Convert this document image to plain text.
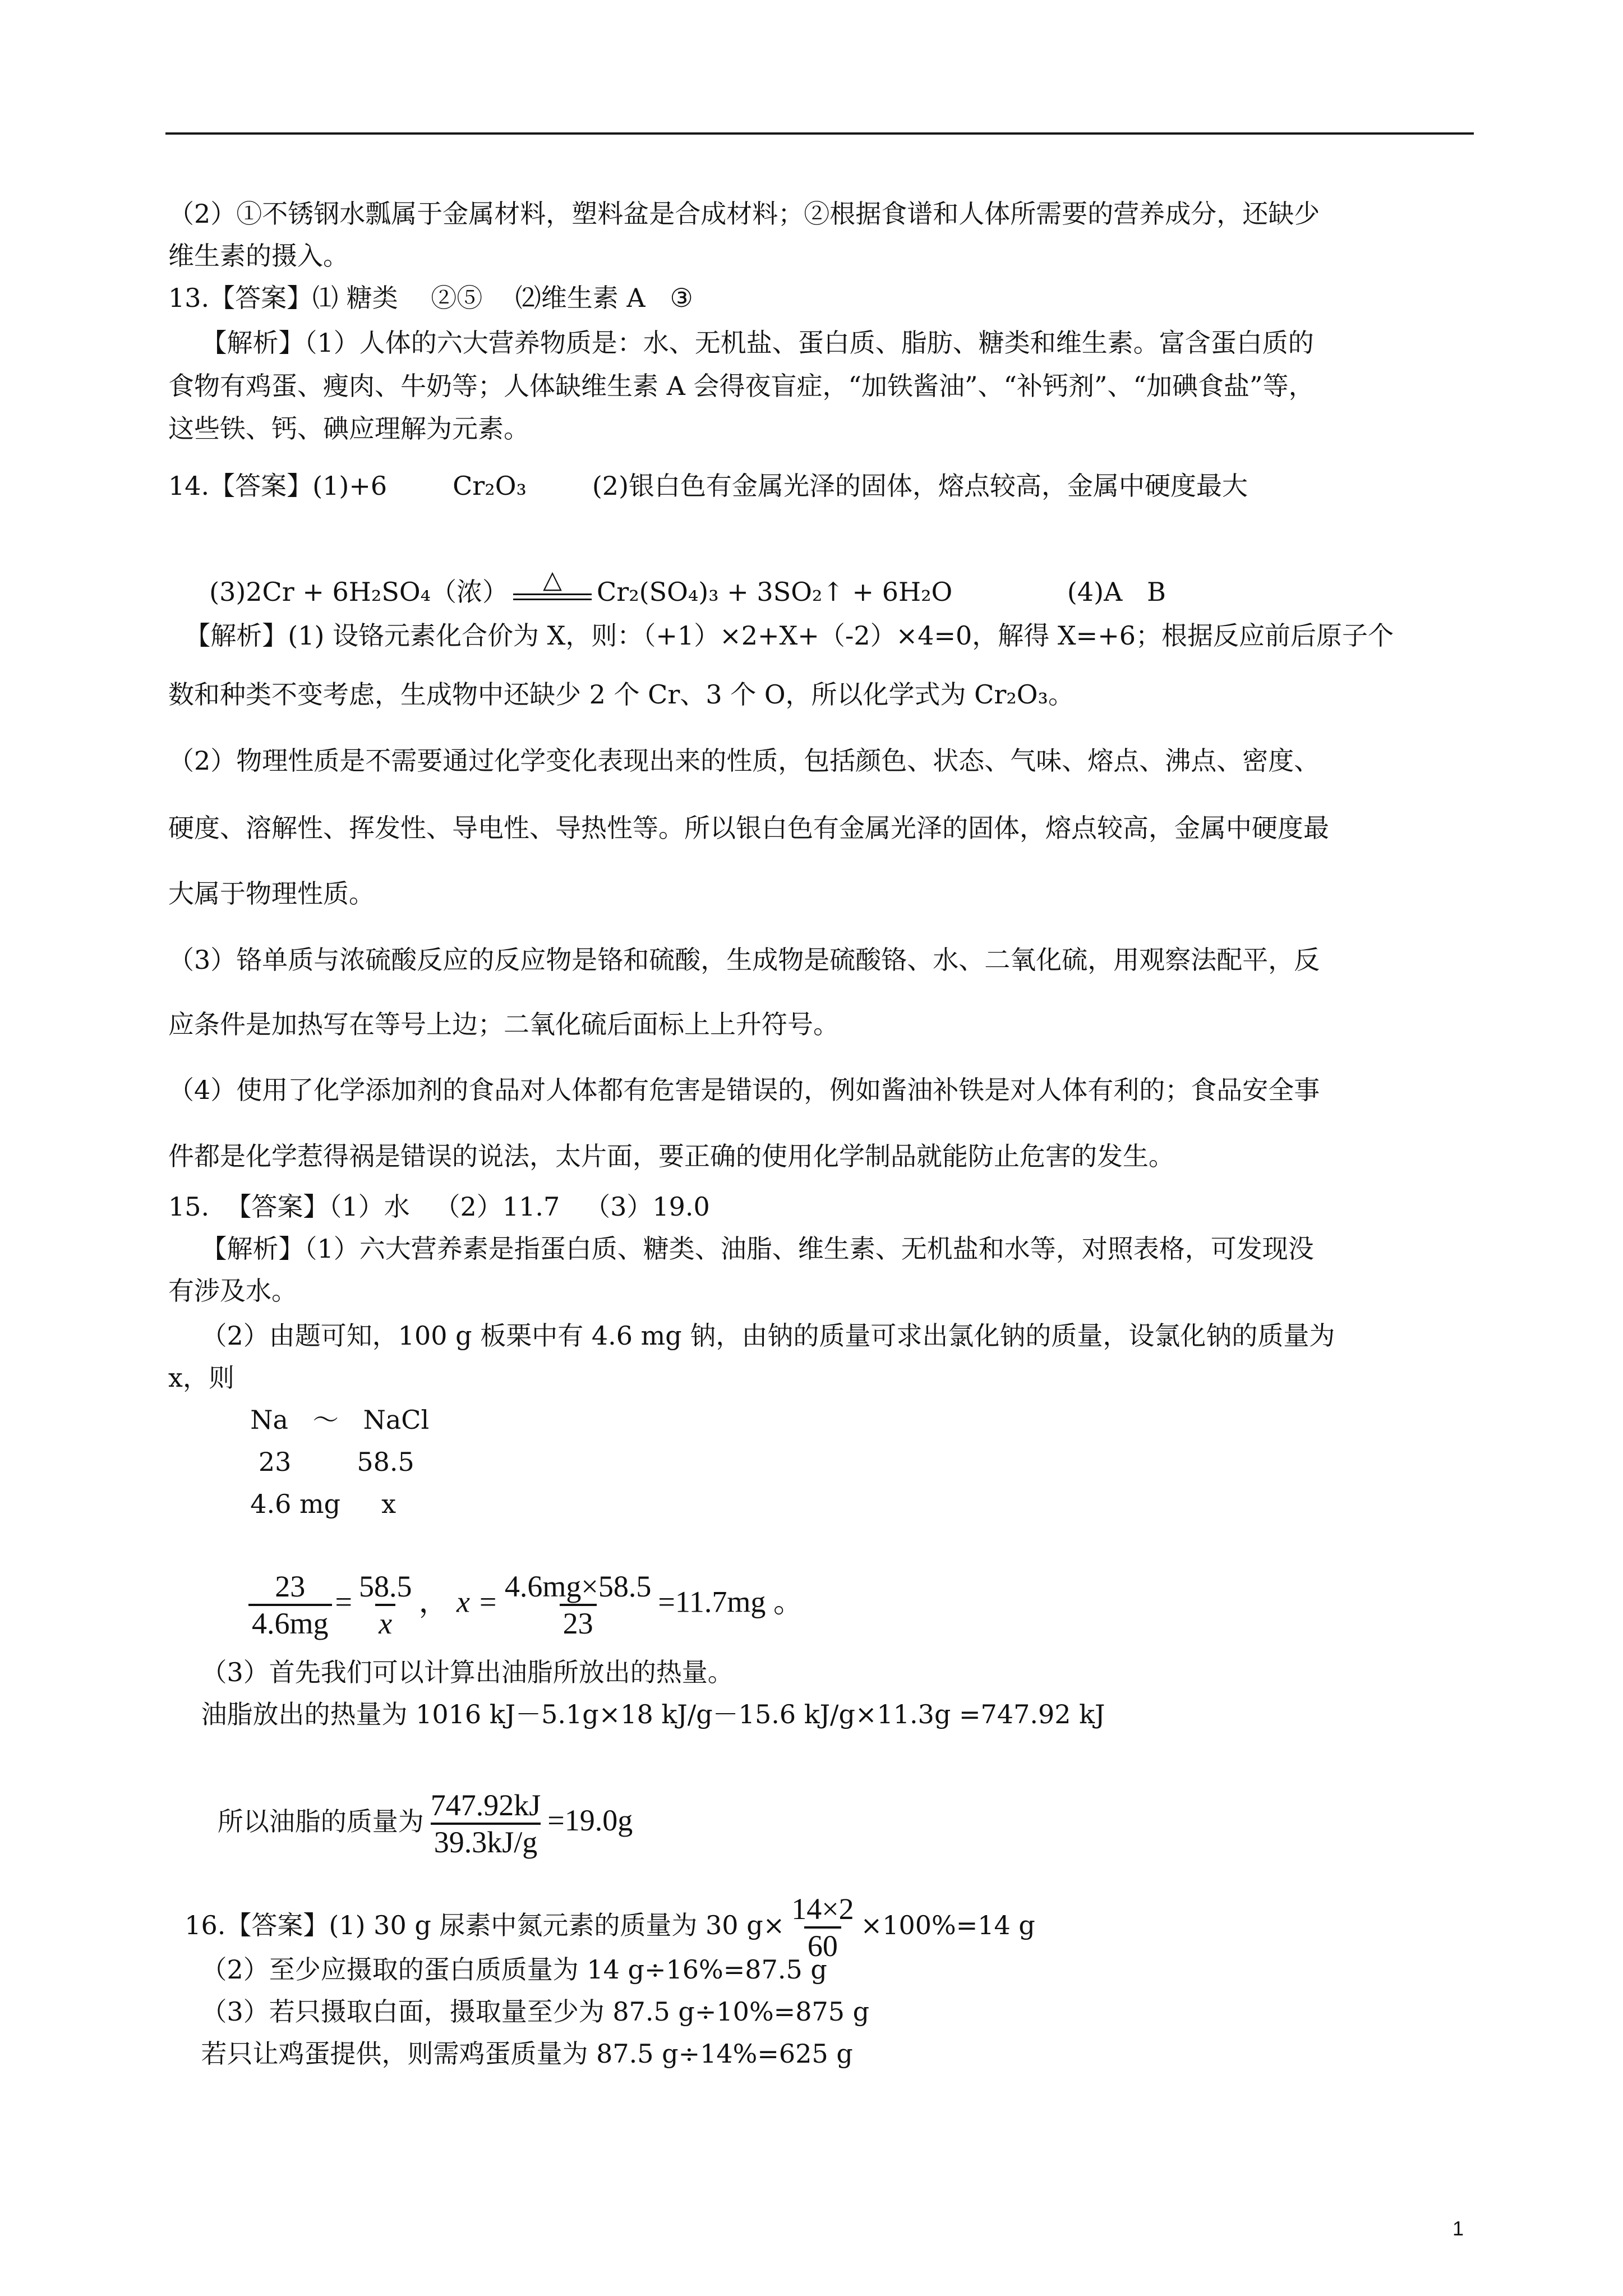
（2）①不锈钢水瓢属于金属材料，塑料盆是合成材料；②根据食谱和人体所需要的营养成分，还缺少
维生素的摄入。
13.【答案】⑴ 糖类    ②⑤    ⑵维生素 A   ③
【解析】（1）人体的六大营养物质是：水、无机盐、蛋白质、脂肪、糖类和维生素。富含蛋白质的
食物有鸡蛋、瘦肉、牛奶等；人体缺维生素 A 会得夜盲症，“加铁酱油”、“补钙剂”、“加碘食盐”等，
这些铁、钙、碘应理解为元素。
14.【答案】(1)+6        Cr₂O₃        (2)银白色有金属光泽的固体，熔点较高，金属中硬度最大

(3)2Cr + 6H₂SO₄（浓） △ Cr₂(SO₄)₃ + 3SO₂↑ + 6H₂O              (4)A   B

【解析】(1) 设铬元素化合价为 X，则：（+1）×2+X+（-2）×4=0，解得 X=+6；根据反应前后原子个
数和种类不变考虑，生成物中还缺少 2 个 Cr、3 个 O，所以化学式为 Cr₂O₃。
（2）物理性质是不需要通过化学变化表现出来的性质，包括颜色、状态、气味、熔点、沸点、密度、
硬度、溶解性、挥发性、导电性、导热性等。所以银白色有金属光泽的固体，熔点较高，金属中硬度最
大属于物理性质。
（3）铬单质与浓硫酸反应的反应物是铬和硫酸，生成物是硫酸铬、水、二氧化硫，用观察法配平，反
应条件是加热写在等号上边；二氧化硫后面标上上升符号。
（4）使用了化学添加剂的食品对人体都有危害是错误的，例如酱油补铁是对人体有利的；食品安全事
件都是化学惹得祸是错误的说法，太片面，要正确的使用化学制品就能防止危害的发生。
15.  【答案】（1）水   （2）11.7   （3）19.0
【解析】（1）六大营养素是指蛋白质、糖类、油脂、维生素、无机盐和水等，对照表格，可发现没
有涉及水。
（2）由题可知，100 g 板栗中有 4.6 mg 钠，由钠的质量可求出氯化钠的质量，设氯化钠的质量为
x，则
Na   ～   NaCl
23        58.5
4.6 mg     x

$\frac{23}{4.6mg} = \frac{58.5}{x}$ ， $x = \frac{4.6mg\times 58.5}{23} =11.7mg$ 。

（3）首先我们可以计算出油脂所放出的热量。
油脂放出的热量为 1016 kJ－5.1g×18 kJ/g－15.6 kJ/g×11.3g =747.92 kJ

所以油脂的质量为 $\frac{747.92kJ}{39.3kJ/g} =19.0g$

16.【答案】(1) 30 g 尿素中氮元素的质量为 30 $g\times \frac{14\times 2}{60} \times 100\%=14$ g

（2）至少应摄取的蛋白质质量为 14 g÷16%=87.5 g
（3）若只摄取白面，摄取量至少为 87.5 g÷10%=875 g
若只让鸡蛋提供，则需鸡蛋质量为 87.5 g÷14%=625 g
1
